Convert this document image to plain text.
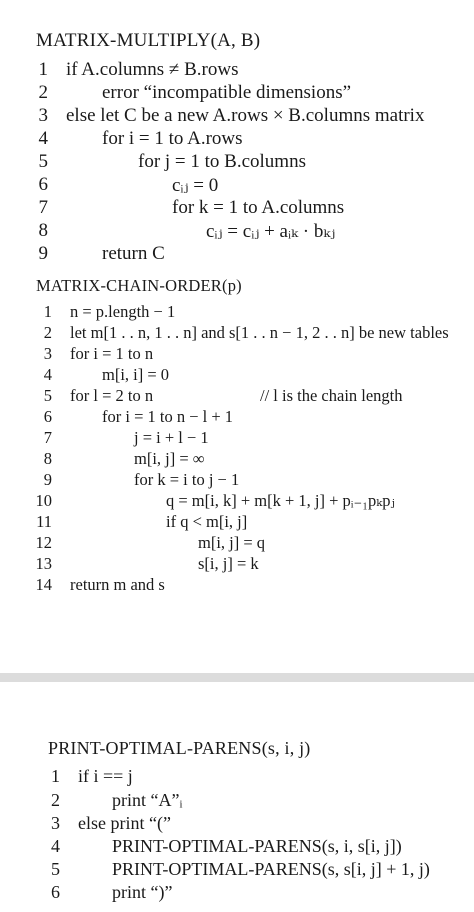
MATRIX-MULTIPLY(A, B)
1 if A.columns ≠ B.rows
2	error “incompatible dimensions”
3 else let C be a new A.rows × B.columns matrix
4	for i = 1 to A.rows
5	for j = 1 to B.columns
6	cᵢⱼ = 0
7	for k = 1 to A.columns
8	cᵢⱼ = cᵢⱼ + aᵢₖ · bₖⱼ
9	return C
MATRIX-CHAIN-ORDER(p)
1 n = p.length − 1
2 let m[1 . . n, 1 . . n] and s[1 . . n − 1, 2 . . n] be new tables
3 for i = 1 to n
4	m[i, i] = 0
5 for l = 2 to n	// l is the chain length
6	for i = 1 to n − l + 1
7	j = i + l − 1
8	m[i, j] = ∞
9	for k = i to j − 1
10	q = m[i, k] + m[k + 1, j] + pᵢ₋₁pₖpⱼ
11	if q < m[i, j]
12	m[i, j] = q
13	s[i, j] = k
14 return m and s
PRINT-OPTIMAL-PARENS(s, i, j)
1 if i == j
2	print “A”ᵢ
3 else print “(”
4	PRINT-OPTIMAL-PARENS(s, i, s[i, j])
5	PRINT-OPTIMAL-PARENS(s, s[i, j] + 1, j)
6	print “)”
